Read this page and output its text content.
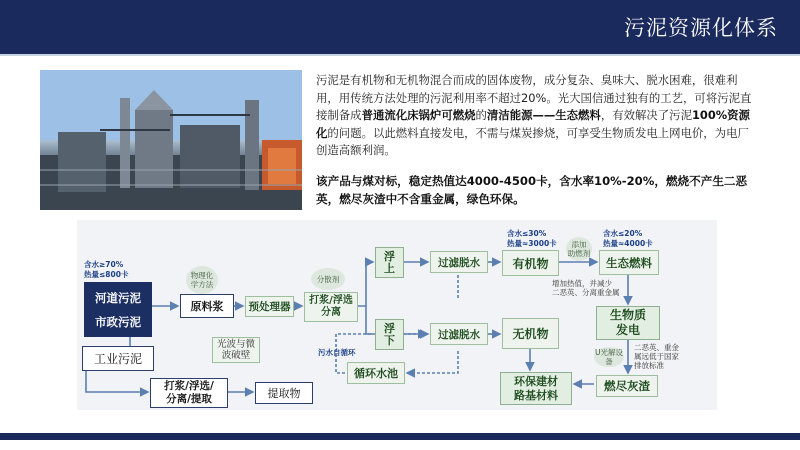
污泥资源化体系
污泥是有机物和无机物混合而成的固体废物，成分复杂、臭味大、脱水困难，很难利用，用传统方法处理的污泥利用率不超过20%。光大国信通过独有的工艺，可将污泥直接制备成普通流化床锅炉可燃烧的清洁能源——生态燃料，有效解决了污泥100%资源化的问题。以此燃料直接发电，不需与煤炭掺烧，可享受生物质发电上网电价，为电厂创造高额利润。
该产品与煤对标，稳定热值达4000-4500卡，含水率10%-20%，燃烧不产生二恶英，燃尽灰渣中不含重金属，绿色环保。
含水≥70%
热量≤800卡
河道污泥
市政污泥
工业污泥
物理化
学方法
原料浆
光波与微
波破壁
预处理器
分散剂
打浆/浮选
分离
浮
上
浮
下
过滤脱水
过滤脱水
含水≤30%
热量≈3000卡
有机物
无机物
添加
助燃剂
增加热值，并减少
二恶英、分离重金属
含水≤20%
热量≈4000卡
生态燃料
生物质
发电
U光解设备
二恶英、重金
属远低于国家
排放标准
燃尽灰渣
环保建材
路基材料
污水自循环
循环水池
打浆/浮选/
分离/提取	提取物
